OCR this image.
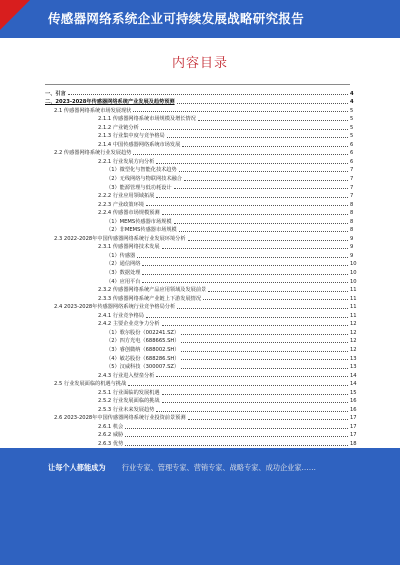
传感器网络系统企业可持续发展战略研究报告
内容目录
一、引言	4
二、2023-2028年传感器网络系统产业发展及趋势预测	4
2.1 传感器网络系统市场发展现状	5
2.1.1 传感器网络系统市场规模及增长情况	5
2.1.2 产业链分析	5
2.1.3 行业集中度与竞争格局	5
2.1.4 中国传感器网络系统市场发展	6
2.2 传感器网络系统行业发展趋势	6
2.2.1 行业发展方向分析	6
（1）微型化与智能化技术趋势	7
（2）无线网络与物联网技术融合	7
（3）能源管理与低功耗设计	7
2.2.2 行业应用领域拓展	7
2.2.3 产业政策环境	8
2.2.4 传感器市场规模预测	8
（1）MEMS传感器市场规模	8
（2）非MEMS传感器市场规模	8
2.3 2022-2028年中国传感器网络系统行业发展环境分析	9
2.3.1 传感器网络技术发展	9
（1）传感器	9
（2）通信网络	10
（3）数据处理	10
（4）应用平台	10
2.3.2 传感器网络系统产品应用领域及发展前景	11
2.3.3 传感器网络系统产业链上下游发展情况	11
2.4 2023-2028年传感器网络系统行业竞争格局分析	11
2.4.1 行业竞争格局	11
2.4.2 主要企业竞争力分析	12
（1）歌尔股份（002241.SZ）	12
（2）四方光电（688665.SH）	12
（3）睿创微纳（688002.SH）	12
（4）敏芯股份（688286.SH）	13
（5）汉威科技（300007.SZ）	13
2.4.3 行业进入壁垒分析	14
2.5 行业发展面临的机遇与挑战	14
2.5.1 行业面临的发展机遇	15
2.5.2 行业发展面临的挑战	16
2.5.3 行业未来发展趋势	16
2.6 2023-2028年中国传感器网络系统行业投资前景预测	17
2.6.1 机会	17
2.6.2 威胁	17
2.6.3 优势	18
让每个人都能成为 行业专家、管理专家、营销专家、战略专家、成功企业家……
